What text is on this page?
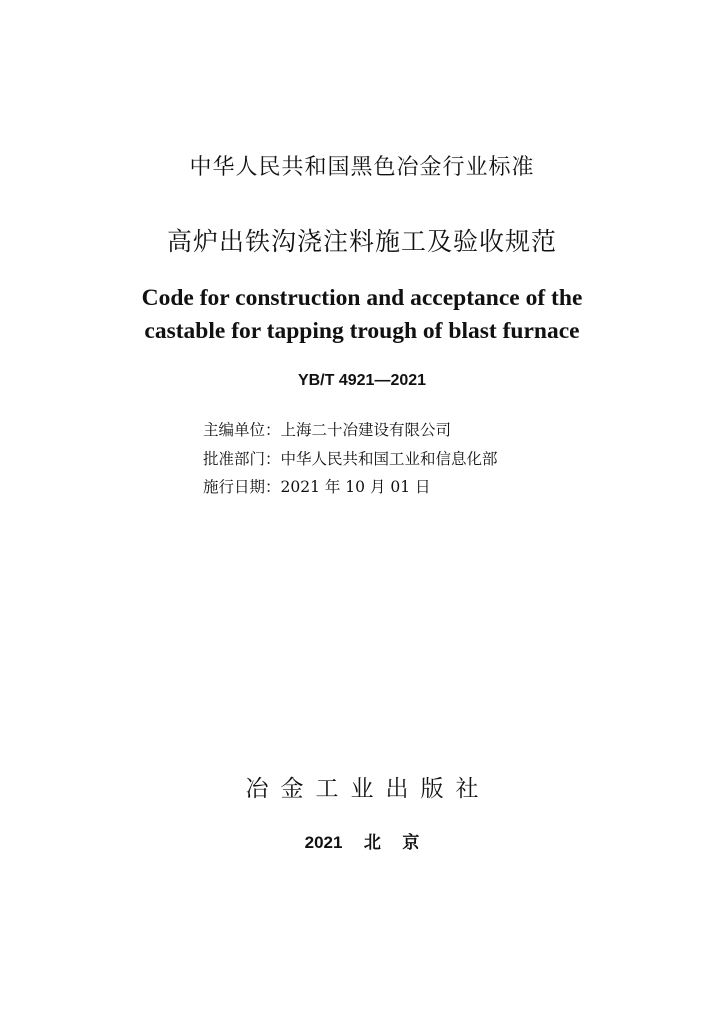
中华人民共和国黑色冶金行业标准
高炉出铁沟浇注料施工及验收规范
Code for construction and acceptance of the
castable for tapping trough of blast furnace
YB/T 4921—2021
主编单位：上海二十冶建设有限公司
批准部门：中华人民共和国工业和信息化部
施行日期：2021 年 10 月 01 日
冶金工业出版社
2021  北  京
